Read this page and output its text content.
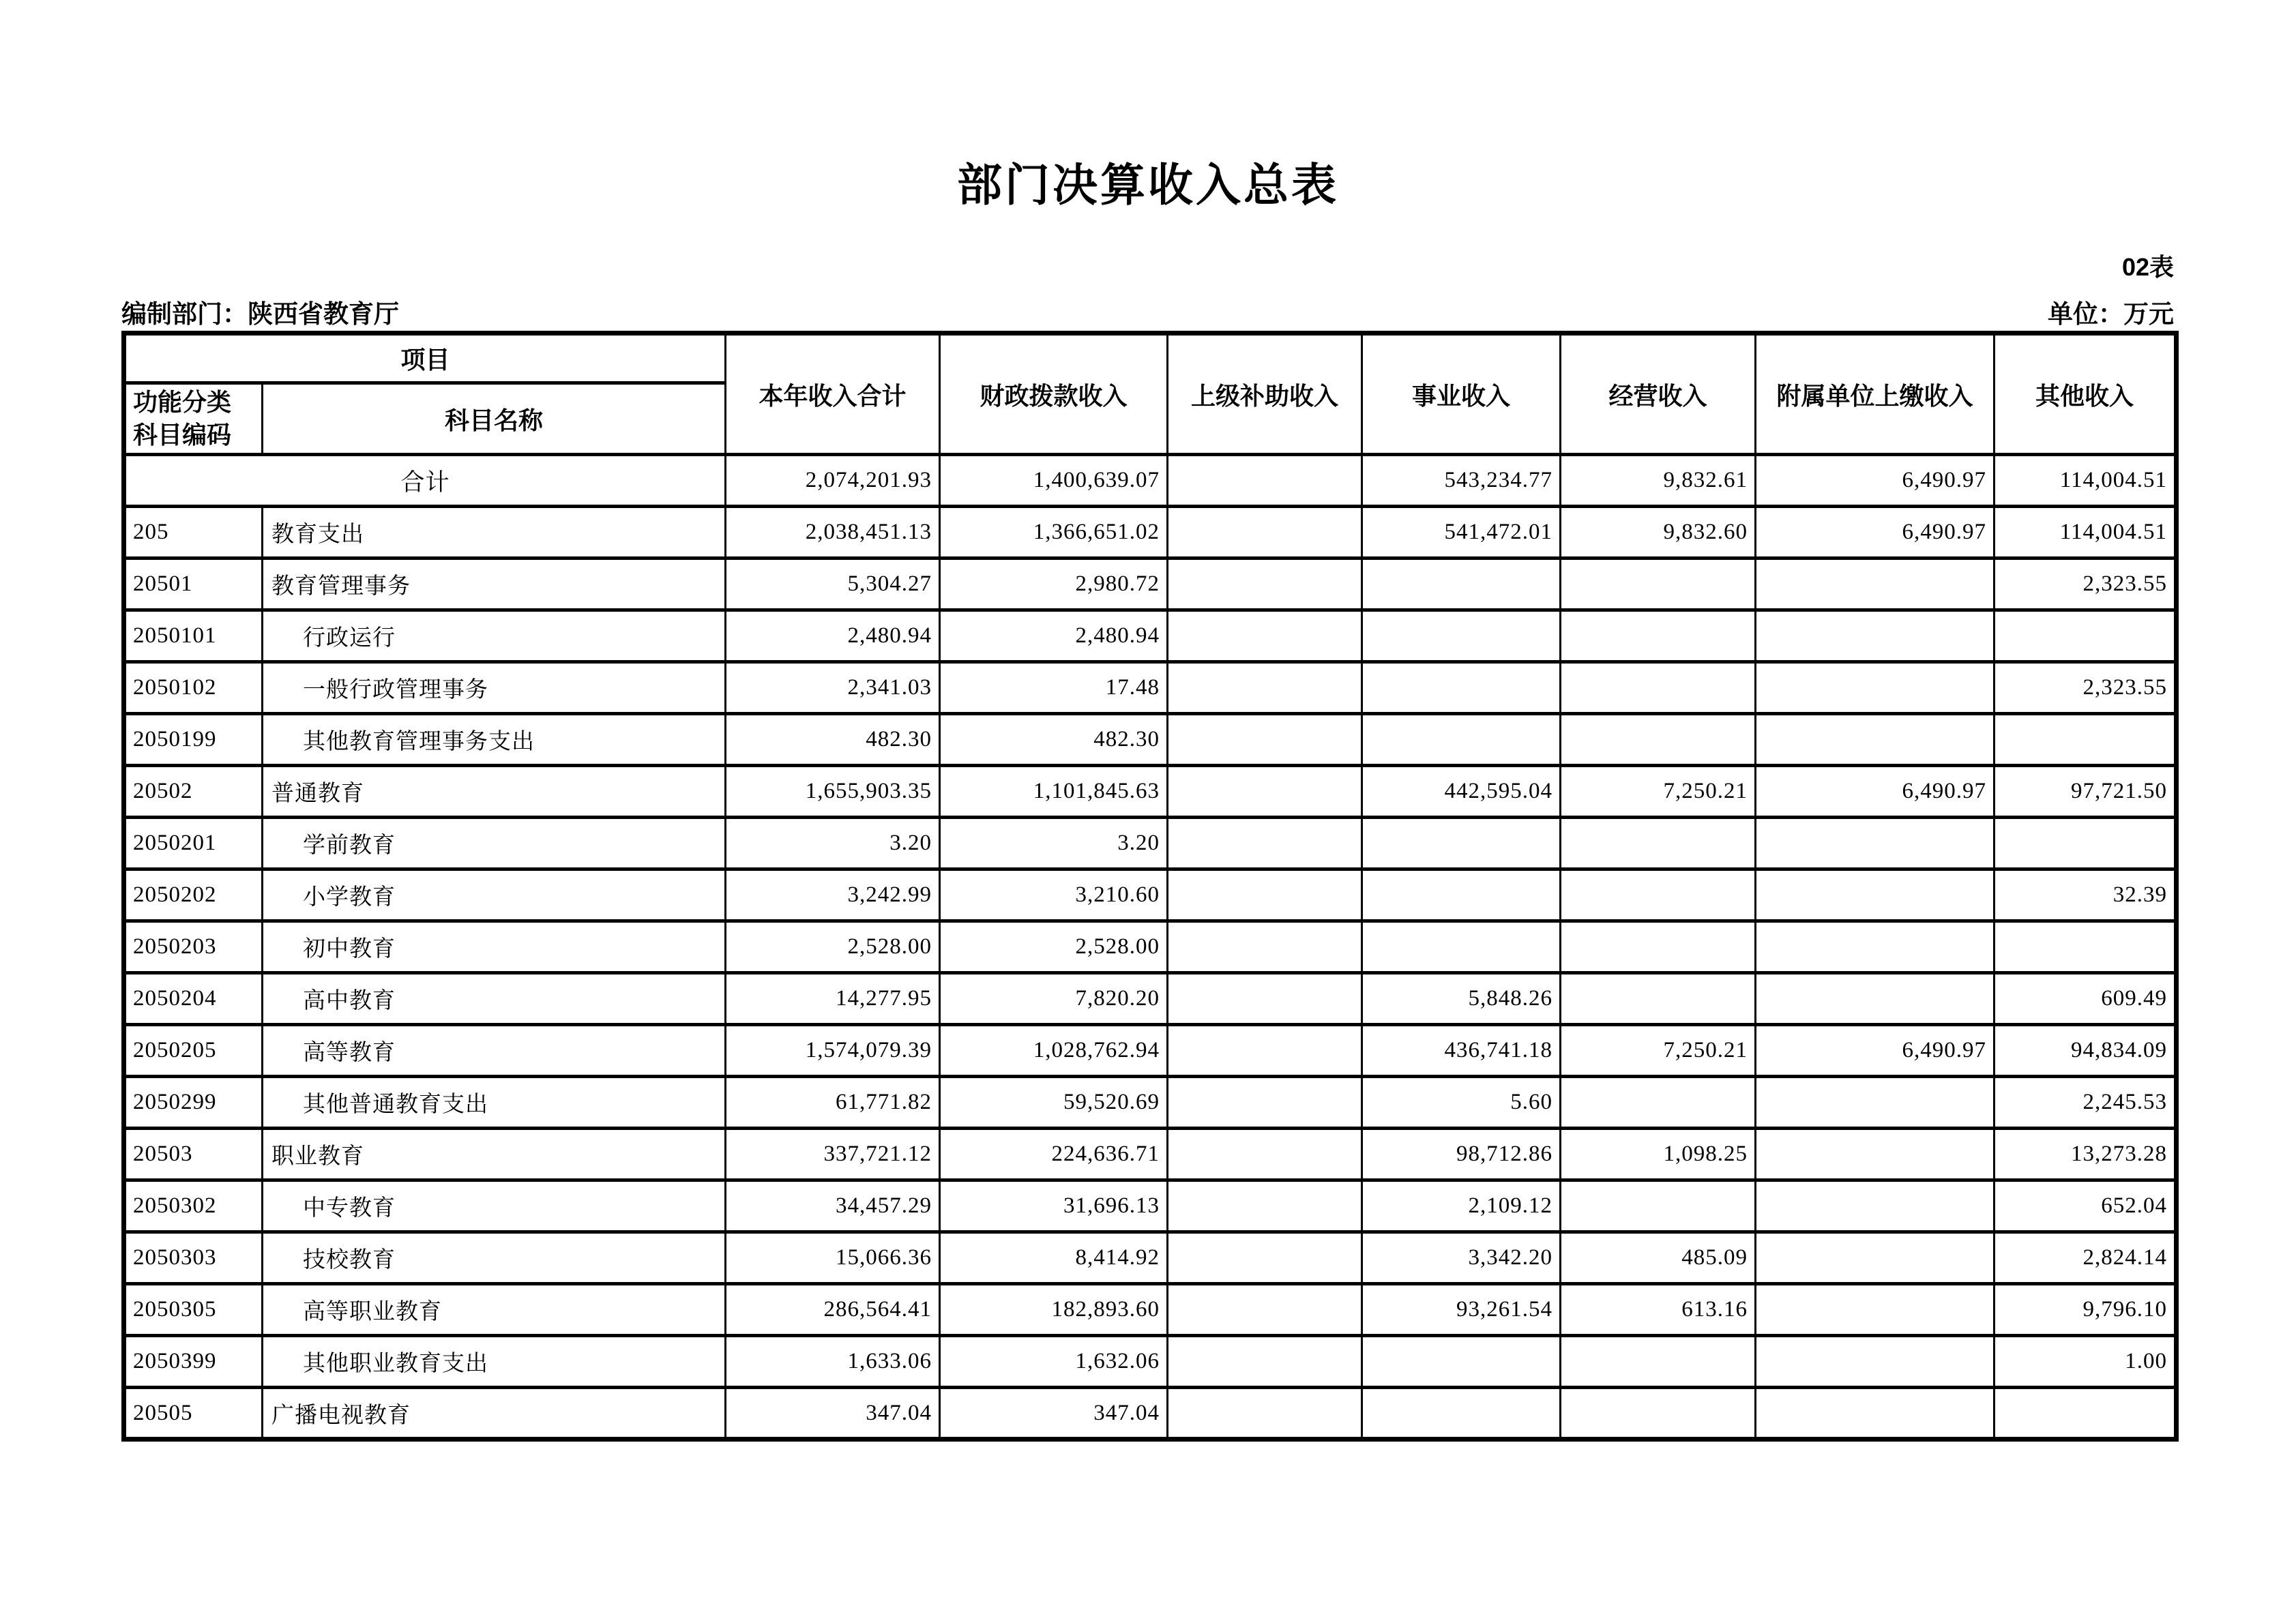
部门决算收入总表
02表
编制部门：陕西省教育厅	单位：万元
项目		本年收入合计	财政拨款收入	上级补助收入	事业收入	经营收入	附属单位上缴收入	其他收入
功能分类
科目编码	科目名称							
合计		2,074,201.93	1,400,639.07		543,234.77	9,832.61	6,490.97	114,004.51
205	教育支出	2,038,451.13	1,366,651.02		541,472.01	9,832.60	6,490.97	114,004.51
20501	教育管理事务	5,304.27	2,980.72					2,323.55
2050101	行政运行	2,480.94	2,480.94					
2050102	一般行政管理事务	2,341.03	17.48					2,323.55
2050199	其他教育管理事务支出	482.30	482.30					
20502	普通教育	1,655,903.35	1,101,845.63		442,595.04	7,250.21	6,490.97	97,721.50
2050201	学前教育	3.20	3.20					
2050202	小学教育	3,242.99	3,210.60					32.39
2050203	初中教育	2,528.00	2,528.00					
2050204	高中教育	14,277.95	7,820.20		5,848.26			609.49
2050205	高等教育	1,574,079.39	1,028,762.94		436,741.18	7,250.21	6,490.97	94,834.09
2050299	其他普通教育支出	61,771.82	59,520.69		5.60			2,245.53
20503	职业教育	337,721.12	224,636.71		98,712.86	1,098.25		13,273.28
2050302	中专教育	34,457.29	31,696.13		2,109.12			652.04
2050303	技校教育	15,066.36	8,414.92		3,342.20	485.09		2,824.14
2050305	高等职业教育	286,564.41	182,893.60		93,261.54	613.16		9,796.10
2050399	其他职业教育支出	1,633.06	1,632.06					1.00
20505	广播电视教育	347.04	347.04					
